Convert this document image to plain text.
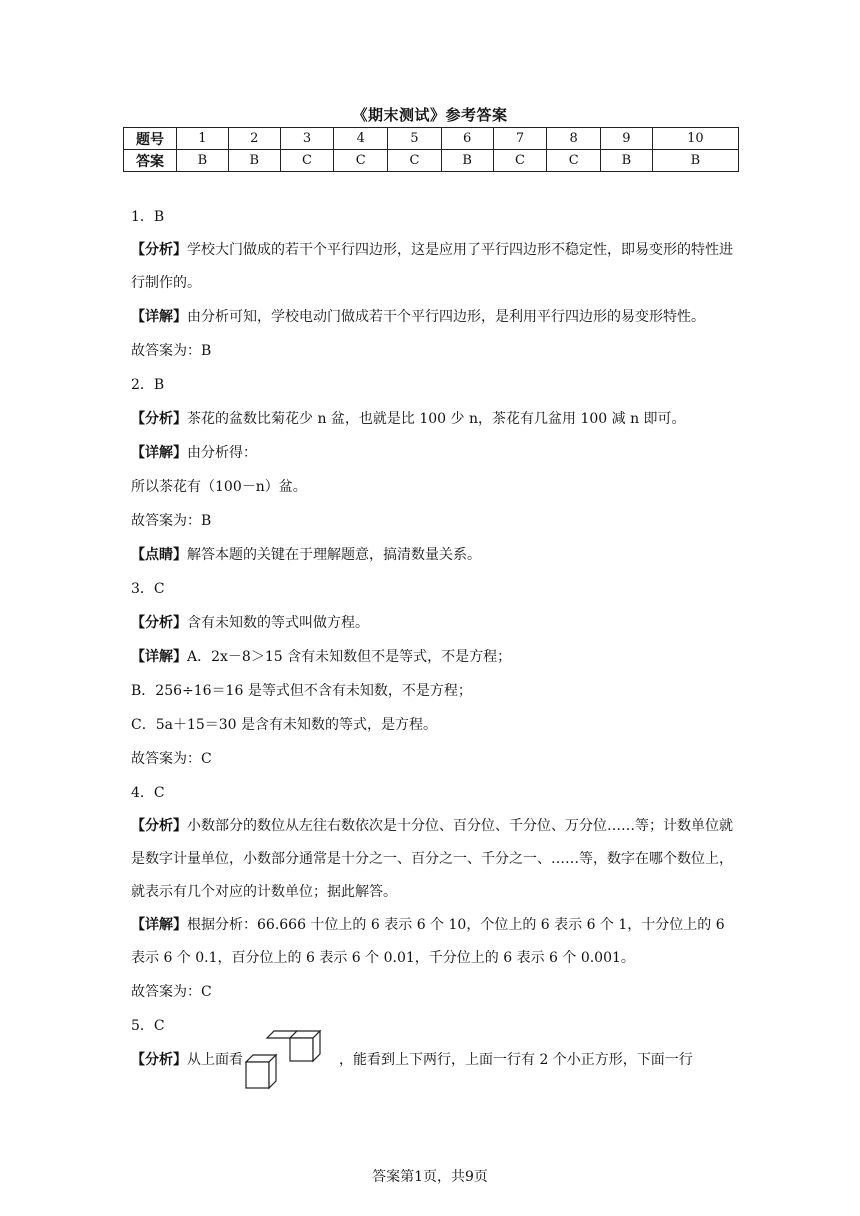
《期末测试》参考答案
题号	1	2	3	4	5	6	7	8	9	10
答案	B	B	C	C	C	B	C	C	B	B

1．B

【分析】学校大门做成的若干个平行四边形，这是应用了平行四边形不稳定性，即易变形的特性进行制作的。

【详解】由分析可知，学校电动门做成若干个平行四边形，是利用平行四边形的易变形特性。

故答案为：B

2．B

【分析】茶花的盆数比菊花少 n 盆，也就是比 100 少 n，茶花有几盆用 100 减 n 即可。

【详解】由分析得：

所以茶花有（100－n）盆。

故答案为：B

【点睛】解答本题的关键在于理解题意，搞清数量关系。

3．C

【分析】含有未知数的等式叫做方程。

【详解】A．2x－8＞15 含有未知数但不是等式，不是方程；

B．256÷16＝16 是等式但不含有未知数，不是方程；

C．5a＋15＝30 是含有未知数的等式，是方程。

故答案为：C

4．C

【分析】小数部分的数位从左往右数依次是十分位、百分位、千分位、万分位……等；计数单位就是数字计量单位，小数部分通常是十分之一、百分之一、千分之一、……等，数字在哪个数位上，就表示有几个对应的计数单位；据此解答。

【详解】根据分析：66.666 十位上的 6 表示 6 个 10，个位上的 6 表示 6 个 1，十分位上的 6 表示 6 个 0.1，百分位上的 6 表示 6 个 0.01，千分位上的 6 表示 6 个 0.001。

故答案为：C

5．C

【分析】从上面看	，能看到上下两行，上面一行有 2 个小正方形，下面一行

答案第1页，共9页
